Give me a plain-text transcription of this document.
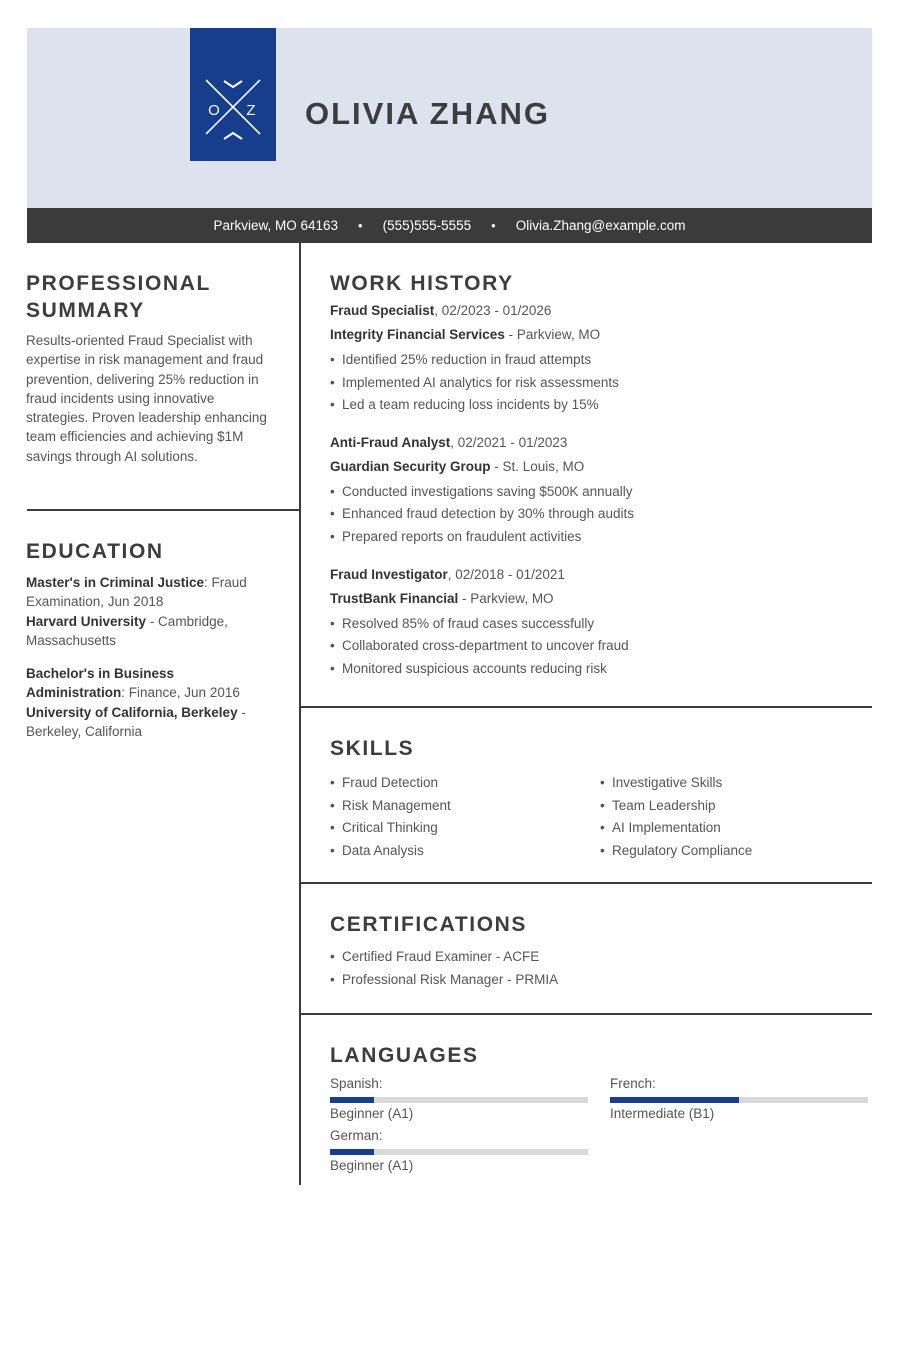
O Z OLIVIA ZHANG
Parkview, MO 64163 • (555)555-5555 • Olivia.Zhang@example.com
PROFESSIONAL SUMMARY

Results-oriented Fraud Specialist with expertise in risk management and fraud prevention, delivering 25% reduction in fraud incidents using innovative strategies. Proven leadership enhancing team efficiencies and achieving $1M savings through AI solutions.

EDUCATION
Master's in Criminal Justice: Fraud Examination, Jun 2018
Harvard University - Cambridge, Massachusetts
Bachelor's in Business Administration: Finance, Jun 2016
University of California, Berkeley - Berkeley, California
WORK HISTORY
Fraud Specialist, 02/2023 - 01/2026
Integrity Financial Services - Parkview, MO
• Identified 25% reduction in fraud attempts
• Implemented AI analytics for risk assessments
• Led a team reducing loss incidents by 15%
Anti-Fraud Analyst, 02/2021 - 01/2023
Guardian Security Group - St. Louis, MO
• Conducted investigations saving $500K annually
• Enhanced fraud detection by 30% through audits
• Prepared reports on fraudulent activities
Fraud Investigator, 02/2018 - 01/2021
TrustBank Financial - Parkview, MO
• Resolved 85% of fraud cases successfully
• Collaborated cross-department to uncover fraud
• Monitored suspicious accounts reducing risk
SKILLS
• Fraud Detection
• Risk Management
• Critical Thinking
• Data Analysis
• Investigative Skills
• Team Leadership
• AI Implementation
• Regulatory Compliance
CERTIFICATIONS
• Certified Fraud Examiner - ACFE
• Professional Risk Manager - PRMIA
LANGUAGES
Spanish:
Beginner (A1)
French:
Intermediate (B1)
German:
Beginner (A1)
